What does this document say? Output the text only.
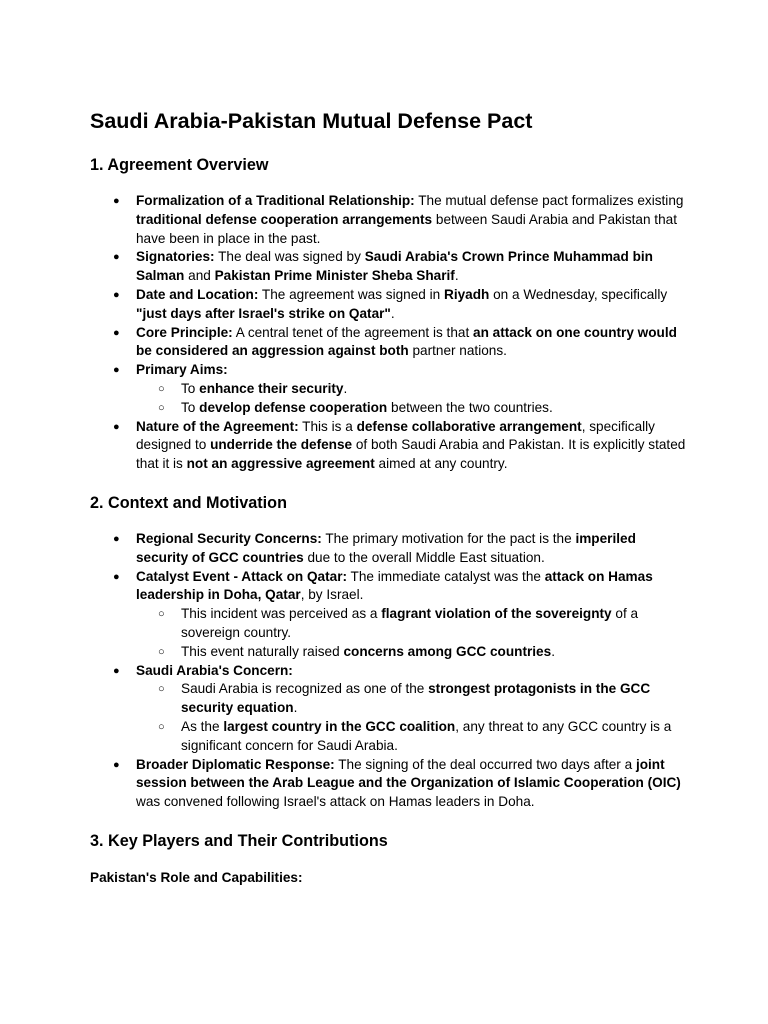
Saudi Arabia-Pakistan Mutual Defense Pact
1. Agreement Overview
● Formalization of a Traditional Relationship: The mutual defense pact formalizes existing traditional defense cooperation arrangements between Saudi Arabia and Pakistan that have been in place in the past.
● Signatories: The deal was signed by Saudi Arabia's Crown Prince Muhammad bin Salman and Pakistan Prime Minister Sheba Sharif.
● Date and Location: The agreement was signed in Riyadh on a Wednesday, specifically "just days after Israel's strike on Qatar".
● Core Principle: A central tenet of the agreement is that an attack on one country would be considered an aggression against both partner nations.
● Primary Aims:
○ To enhance their security.
○ To develop defense cooperation between the two countries.
● Nature of the Agreement: This is a defense collaborative arrangement, specifically designed to underride the defense of both Saudi Arabia and Pakistan. It is explicitly stated that it is not an aggressive agreement aimed at any country.
2. Context and Motivation
● Regional Security Concerns: The primary motivation for the pact is the imperiled security of GCC countries due to the overall Middle East situation.
● Catalyst Event - Attack on Qatar: The immediate catalyst was the attack on Hamas leadership in Doha, Qatar, by Israel.
○ This incident was perceived as a flagrant violation of the sovereignty of a sovereign country.
○ This event naturally raised concerns among GCC countries.
● Saudi Arabia's Concern:
○ Saudi Arabia is recognized as one of the strongest protagonists in the GCC security equation.
○ As the largest country in the GCC coalition, any threat to any GCC country is a significant concern for Saudi Arabia.
● Broader Diplomatic Response: The signing of the deal occurred two days after a joint session between the Arab League and the Organization of Islamic Cooperation (OIC) was convened following Israel's attack on Hamas leaders in Doha.
3. Key Players and Their Contributions
Pakistan's Role and Capabilities:
